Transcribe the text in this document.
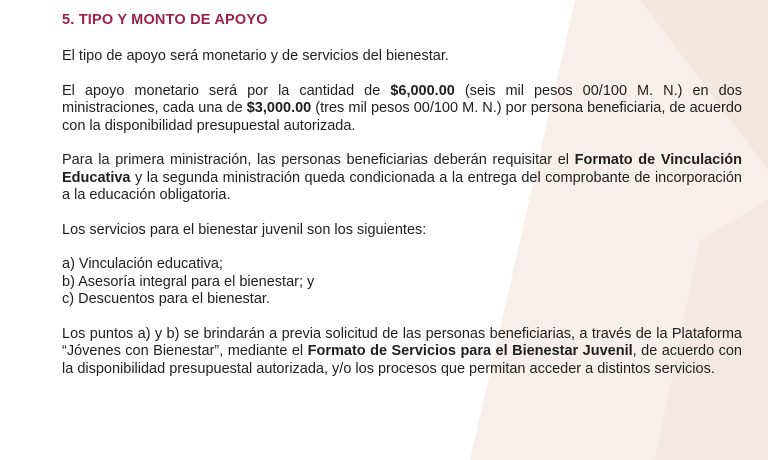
5. TIPO Y MONTO DE APOYO

El tipo de apoyo será monetario y de servicios del bienestar.

El apoyo monetario será por la cantidad de $6,000.00 (seis mil pesos 00/100 M. N.) en dos ministraciones, cada una de $3,000.00 (tres mil pesos 00/100 M. N.) por persona beneficiaria, de acuerdo con la disponibilidad presupuestal autorizada.

Para la primera ministración, las personas beneficiarias deberán requisitar el Formato de Vinculación Educativa y la segunda ministración queda condicionada a la entrega del comprobante de incorporación a la educación obligatoria.

Los servicios para el bienestar juvenil son los siguientes:

a) Vinculación educativa;
b) Asesoría integral para el bienestar; y
c) Descuentos para el bienestar.

Los puntos a) y b) se brindarán a previa solicitud de las personas beneficiarias, a través de la Plataforma “Jóvenes con Bienestar”, mediante el Formato de Servicios para el Bienestar Juvenil, de acuerdo con la disponibilidad presupuestal autorizada, y/o los procesos que permitan acceder a distintos servicios.
